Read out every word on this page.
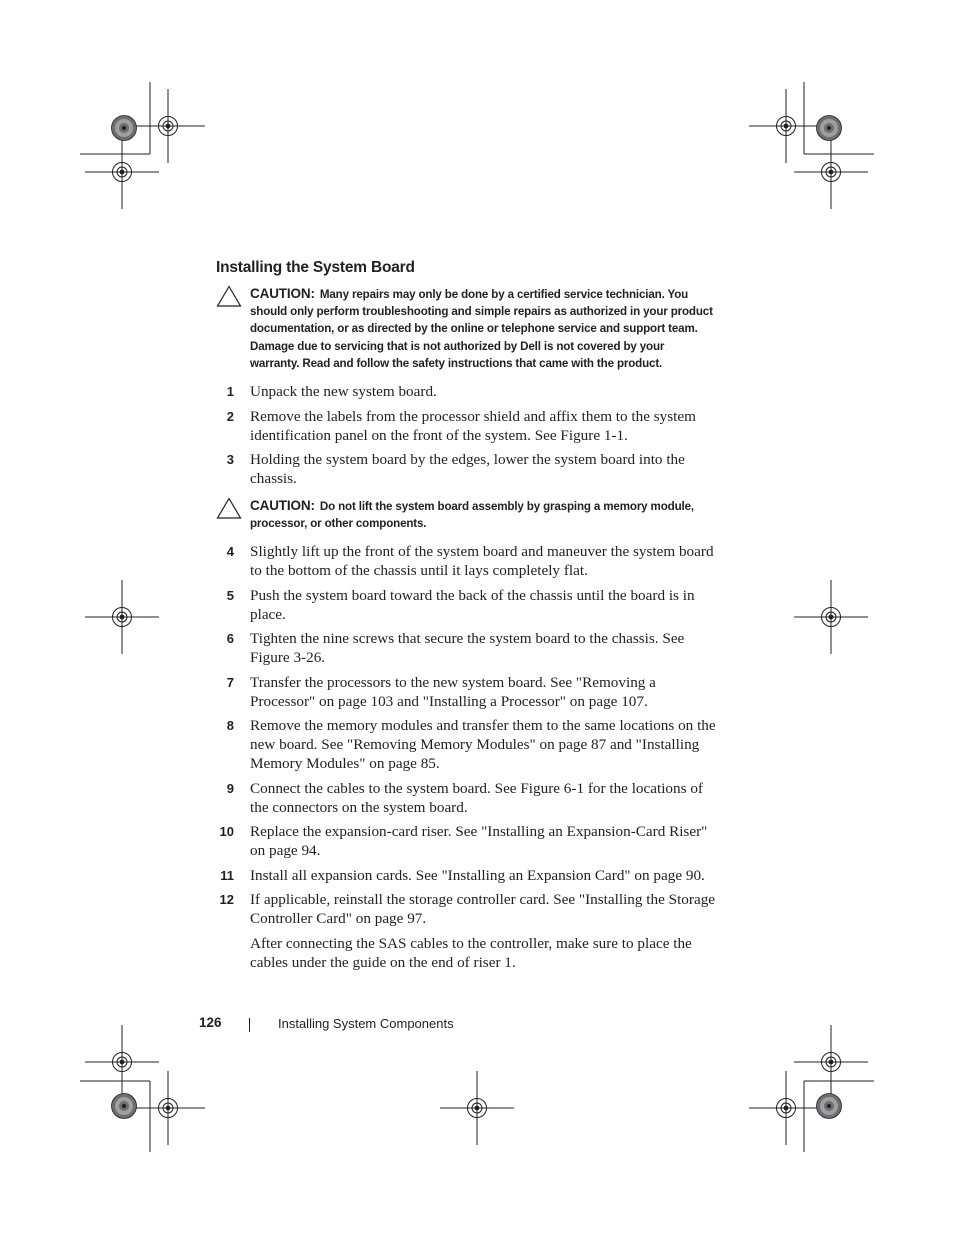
Installing the System Board
CAUTION: Many repairs may only be done by a certified service technician. You should only perform troubleshooting and simple repairs as authorized in your product documentation, or as directed by the online or telephone service and support team. Damage due to servicing that is not authorized by Dell is not covered by your warranty. Read and follow the safety instructions that came with the product.
1 Unpack the new system board.
2 Remove the labels from the processor shield and affix them to the system identification panel on the front of the system. See Figure 1-1.
3 Holding the system board by the edges, lower the system board into the chassis.
CAUTION: Do not lift the system board assembly by grasping a memory module, processor, or other components.
4 Slightly lift up the front of the system board and maneuver the system board to the bottom of the chassis until it lays completely flat.
5 Push the system board toward the back of the chassis until the board is in place.
6 Tighten the nine screws that secure the system board to the chassis. See Figure 3-26.
7 Transfer the processors to the new system board. See "Removing a Processor" on page 103 and "Installing a Processor" on page 107.
8 Remove the memory modules and transfer them to the same locations on the new board. See "Removing Memory Modules" on page 87 and "Installing Memory Modules" on page 85.
9 Connect the cables to the system board. See Figure 6-1 for the locations of the connectors on the system board.
10 Replace the expansion-card riser. See "Installing an Expansion-Card Riser" on page 94.
11 Install all expansion cards. See "Installing an Expansion Card" on page 90.
12 If applicable, reinstall the storage controller card. See "Installing the Storage Controller Card" on page 97.

After connecting the SAS cables to the controller, make sure to place the cables under the guide on the end of riser 1.

126	Installing System Components
